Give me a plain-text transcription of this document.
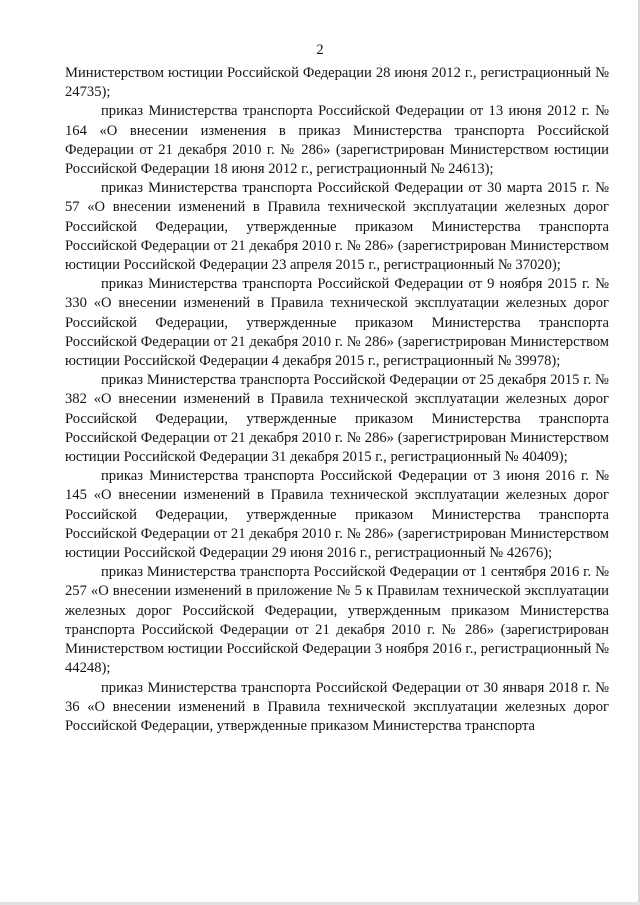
2

Министерством юстиции Российской Федерации 28 июня 2012 г., регистрационный № 24735);

приказ Министерства транспорта Российской Федерации от 13 июня 2012 г. № 164 «О внесении изменения в приказ Министерства транспорта Российской Федерации от 21 декабря 2010 г. № 286» (зарегистрирован Министерством юстиции Российской Федерации 18 июня 2012 г., регистрационный № 24613);

приказ Министерства транспорта Российской Федерации от 30 марта 2015 г. № 57 «О внесении изменений в Правила технической эксплуатации железных дорог Российской Федерации, утвержденные приказом Министерства транспорта Российской Федерации от 21 декабря 2010 г. № 286» (зарегистрирован Министерством юстиции Российской Федерации 23 апреля 2015 г., регистрационный № 37020);

приказ Министерства транспорта Российской Федерации от 9 ноября 2015 г. № 330 «О внесении изменений в Правила технической эксплуатации железных дорог Российской Федерации, утвержденные приказом Министерства транспорта Российской Федерации от 21 декабря 2010 г. № 286» (зарегистрирован Министерством юстиции Российской Федерации 4 декабря 2015 г., регистрационный № 39978);

приказ Министерства транспорта Российской Федерации от 25 декабря 2015 г. № 382 «О внесении изменений в Правила технической эксплуатации железных дорог Российской Федерации, утвержденные приказом Министерства транспорта Российской Федерации от 21 декабря 2010 г. № 286» (зарегистрирован Министерством юстиции Российской Федерации 31 декабря 2015 г., регистрационный № 40409);

приказ Министерства транспорта Российской Федерации от 3 июня 2016 г. № 145 «О внесении изменений в Правила технической эксплуатации железных дорог Российской Федерации, утвержденные приказом Министерства транспорта Российской Федерации от 21 декабря 2010 г. № 286» (зарегистрирован Министерством юстиции Российской Федерации 29 июня 2016 г., регистрационный № 42676);

приказ Министерства транспорта Российской Федерации от 1 сентября 2016 г. № 257 «О внесении изменений в приложение № 5 к Правилам технической эксплуатации железных дорог Российской Федерации, утвержденным приказом Министерства транспорта Российской Федерации от 21 декабря 2010 г. № 286» (зарегистрирован Министерством юстиции Российской Федерации 3 ноября 2016 г., регистрационный № 44248);

приказ Министерства транспорта Российской Федерации от 30 января 2018 г. № 36 «О внесении изменений в Правила технической эксплуатации железных дорог Российской Федерации, утвержденные приказом Министерства транспорта
